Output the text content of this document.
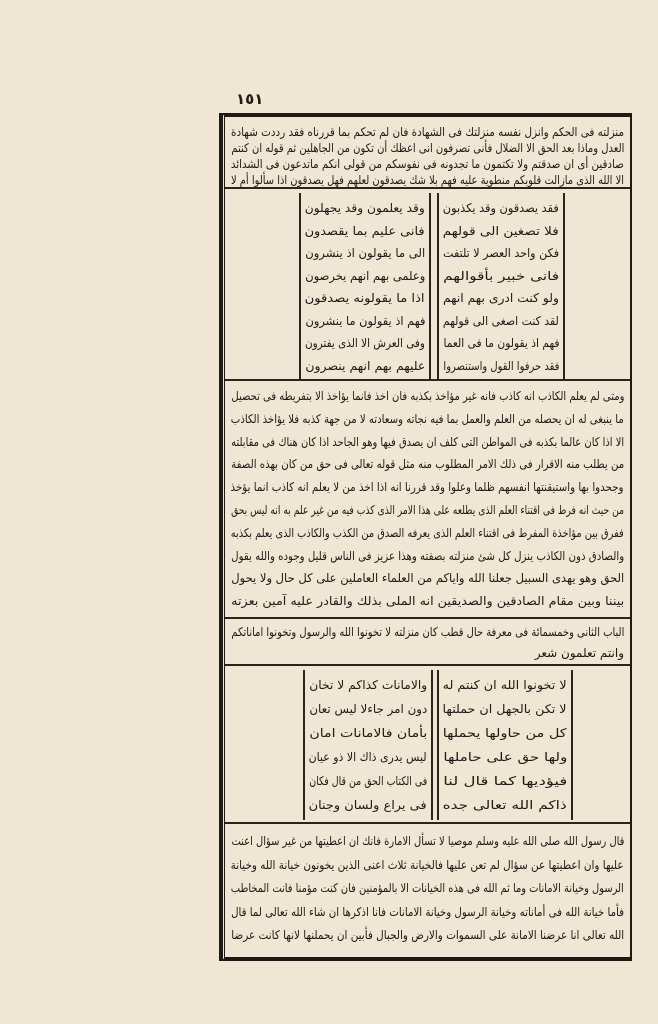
١٥١
منزلته فى الحكم وانزل نفسه منزلتك فى الشهادة فان لم تحكم بما قررناه فقد رددت شهادة
العدل وماذا بعد الحق الا الضلال فأنى تصرفون انى اعظك أن تكون من الجاهلين ثم قوله ان كنتم
صادقين أى ان صدقتم ولا تكتمون ما تجدونه فى نفوسكم من قولى انكم ماتدعون فى الشدائد
الا الله الذى مازالت قلوبكم منطوية عليه فهم بلا شك يصدقون لعلهم فهل يصدقون اذا سألوا أم لا
فقد يصدقون وقد يكذبون
فلا تصغين الى قولهم
فكن واحد العصر لا تلتفت
فانى خبير بأقوالهم
ولو كنت ادرى بهم انهم
لقد كنت اصغى الى قولهم
فهم اذ يقولون ما فى العما
فقد حرفوا القول واستنصروا
وقد يعلمون وقد يجهلون
فانى عليم بما يقصدون
الى ما يقولون اذ ينشرون
وعلمى بهم انهم يخرصون
اذا ما يقولونه يصدقون
فهم اذ يقولون ما ينشرون
وفى العرش الا الذى يفترون
عليهم بهم انهم ينصرون
ومتى لم يعلم الكاذب انه كاذب فانه غير مؤاخذ بكذبه فان اخذ فانما يؤاخذ الا بتفريطه فى تحصيل
ما ينبغى له ان يحصله من العلم والعمل بما فيه نجاته وسعادته لا من جهة كذبه فلا يؤاخذ الكاذب
الا اذا كان عالما بكذبه فى المواطن التى كلف ان يصدق فيها وهو الجاحد اذا كان هناك فى مقابلته
من يطلب منه الاقرار فى ذلك الامر المطلوب منه مثل قوله تعالى فى حق من كان بهذه الصفة
وجحدوا بها واستيقنتها انفسهم ظلما وعلوا وقد قررنا انه اذا اخذ من لا يعلم انه كاذب انما يؤخذ
من حيث انه فرط فى اقتناء العلم الذى يطلعه على هذا الامر الذى كذب فيه من غير علم به انه ليس بحق
ففرق بين مؤاخذة المفرط فى اقتناء العلم الذى يعرفه الصدق من الكذب والكاذب الذى يعلم بكذبه
والصادق دون الكاذب ينزل كل شئ منزلته بصفته وهذا عزيز فى الناس قليل وجوده والله يقول
الحق وهو يهدى السبيل جعلنا الله واياكم من العلماء العاملين على كل حال ولا يحول
بيننا وبين مقام الصادقين والصديقين انه الملى بذلك والقادر عليه آمين بعزته
الباب الثانى وخمسمائة فى معرفة حال قطب كان منزلته لا تخونوا الله والرسول وتخونوا اماناتكم
وانتم تعلمون شعر
لا تخونوا الله ان كنتم له
لا تكن بالجهل ان حملتها
كل من حاولها يحملها
ولها حق على حاملها
فيؤديها كما قال لنا
ذاكم الله تعالى جده
والامانات كذاكم لا تخان
دون امر جاءلا ليس تعان
بأمان فالامانات امان
ليس يدرى ذاك الا ذو عيان
فى الكتاب الحق من قال فكان
فى يراع ولسان وجنان
قال رسول الله صلى الله عليه وسلم موصيا لا تسأل الامارة فانك ان اعطيتها من غير سؤال اعنت
عليها وان اعطيتها عن سؤال لم تعن عليها فالخيانة ثلاث اعنى الذين يخونون خيانة الله وخيانة
الرسول وخيانة الامانات وما ثم الله فى هذه الخيانات الا بالمؤمنين فان كنت مؤمنا فانت المخاطب
فأما خيانة الله فى أماناته وخيانة الرسول وخيانة الامانات فانا اذكرها ان شاء الله تعالى لما قال
الله تعالى انا عرضنا الامانة على السموات والارض والجبال فأبين ان يحملنها لانها كانت عرضا
